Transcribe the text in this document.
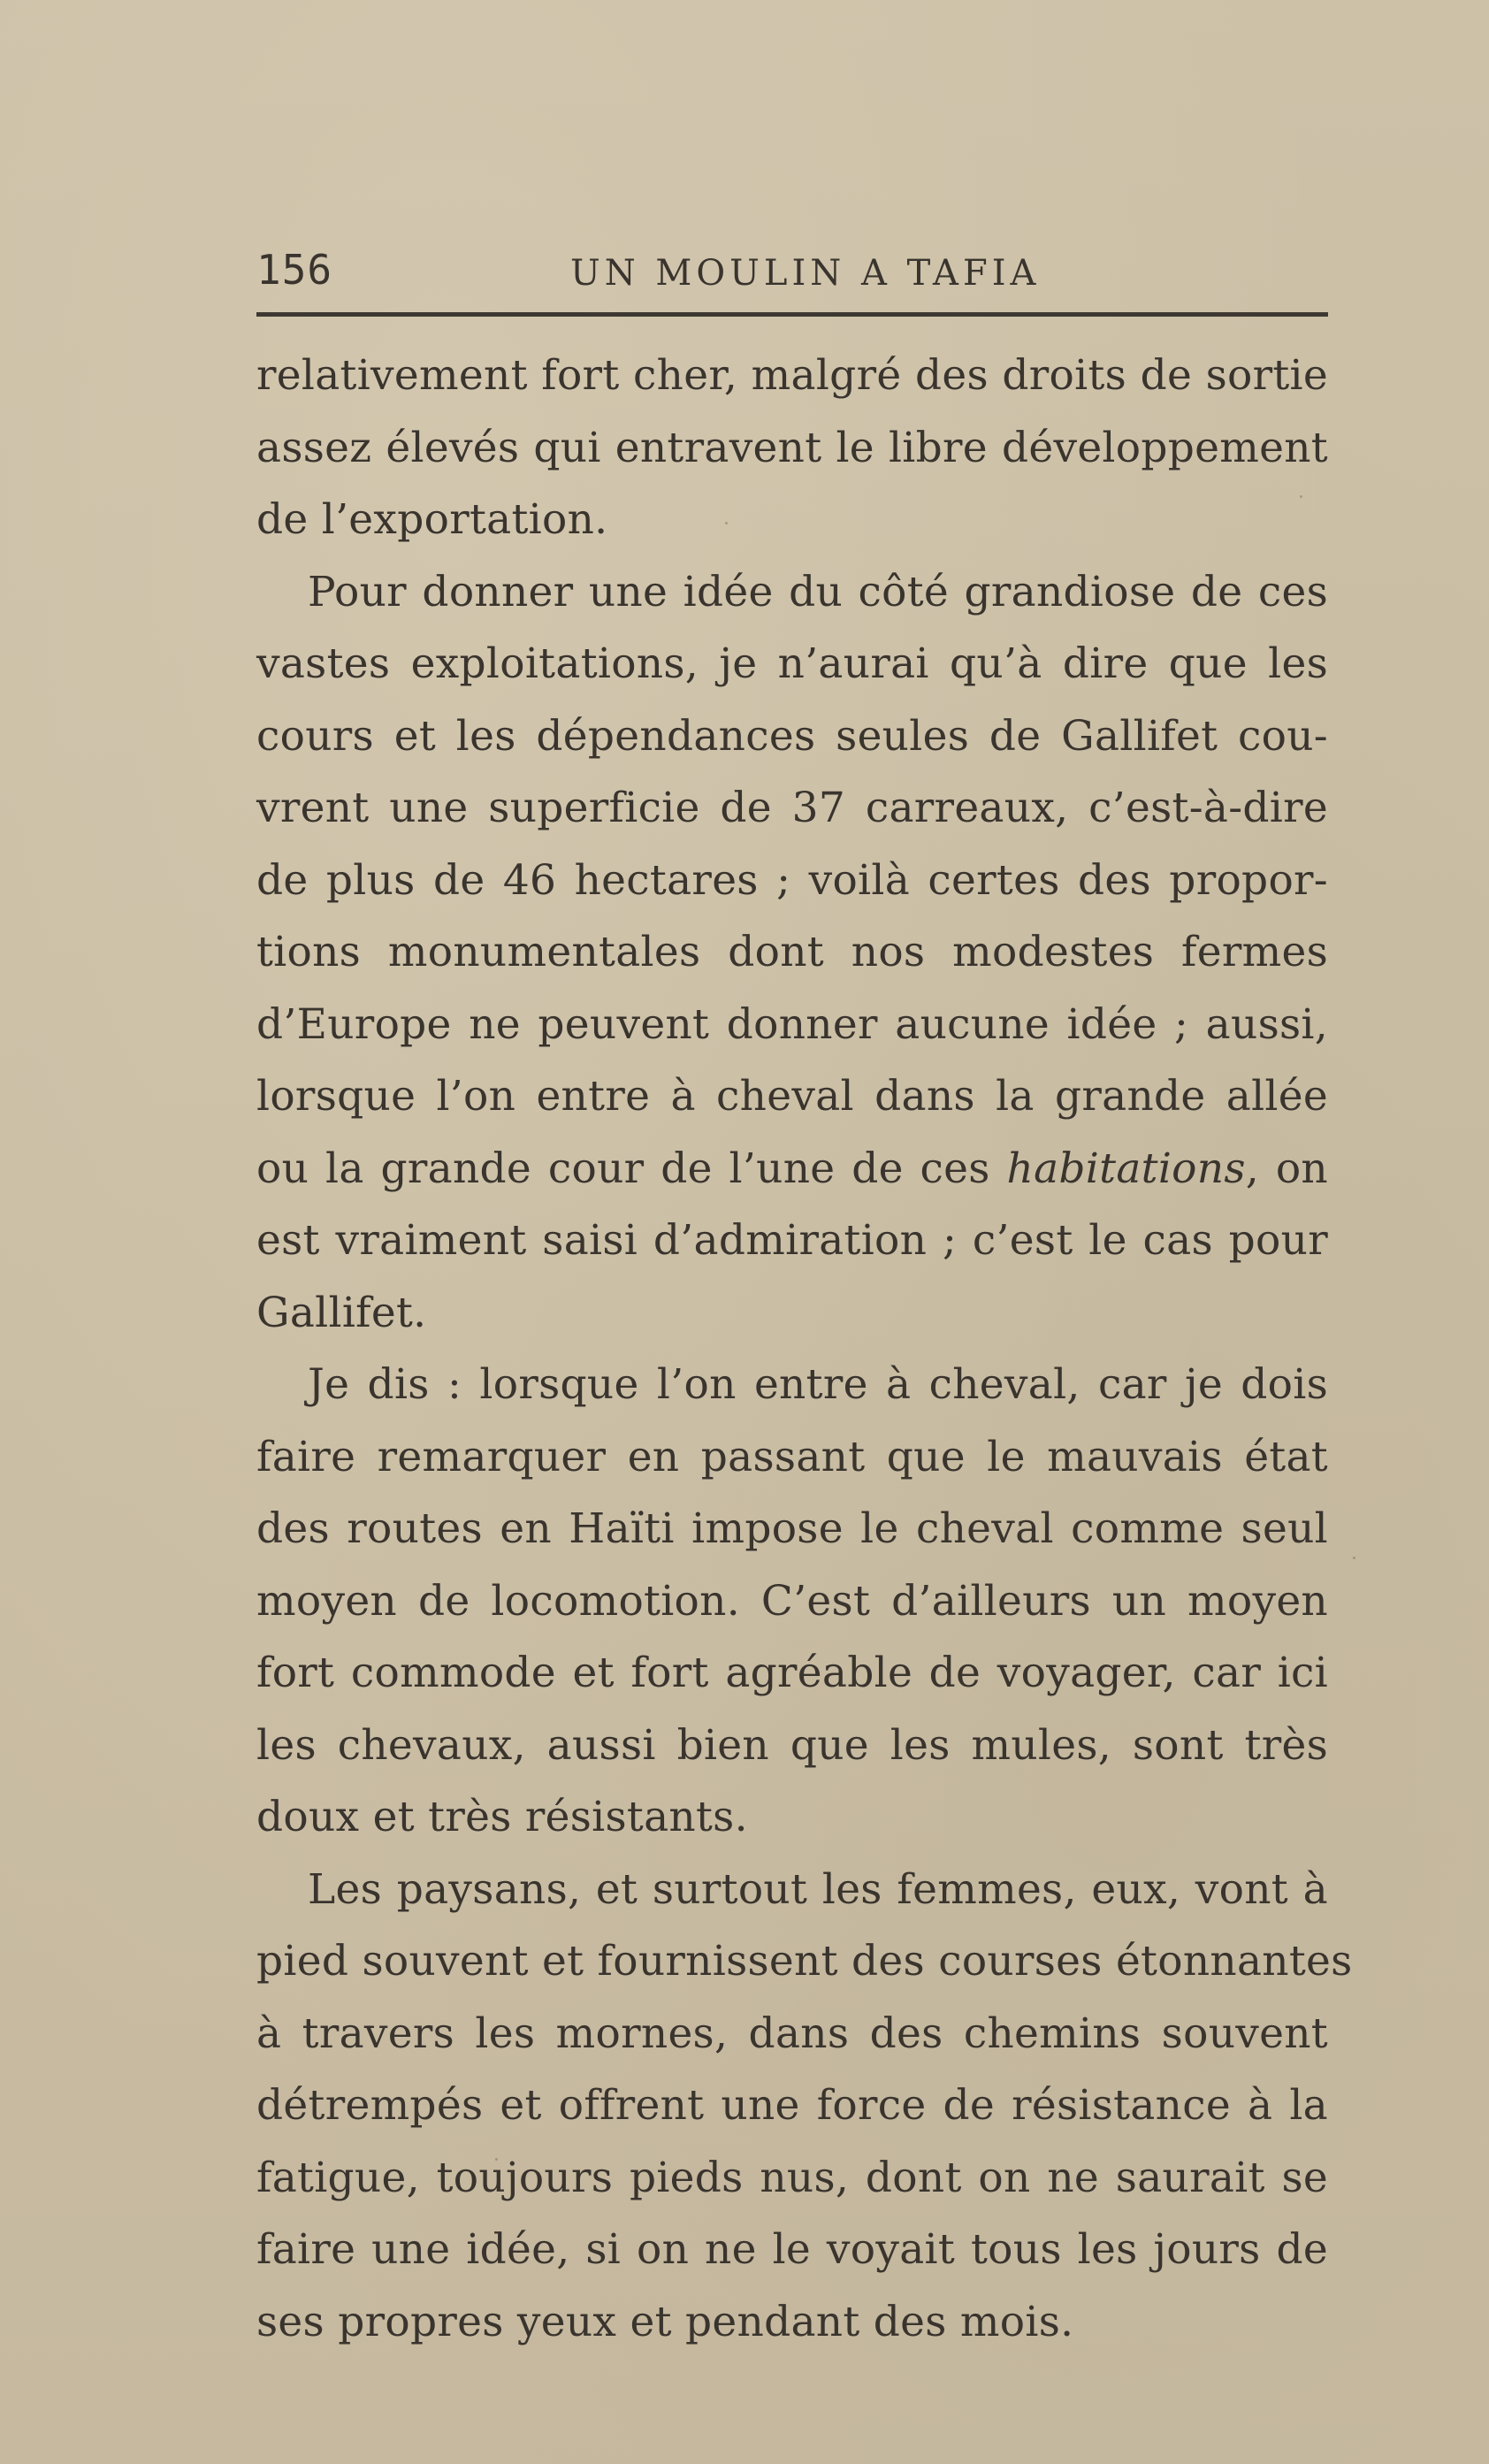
156	UN MOULIN A TAFIA
relativement fort cher, malgré des droits de sortie
assez élevés qui entravent le libre développement
de l’exportation.
Pour donner une idée du côté grandiose de ces
vastes exploitations, je n’aurai qu’à dire que les
cours et les dépendances seules de Gallifet cou-
vrent une superficie de 37 carreaux, c’est-à-dire
de plus de 46 hectares ; voilà certes des propor-
tions monumentales dont nos modestes fermes
d’Europe ne peuvent donner aucune idée ; aussi,
lorsque l’on entre à cheval dans la grande allée
ou la grande cour de l’une de ces habitations, on
est vraiment saisi d’admiration ; c’est le cas pour
Gallifet.
Je dis : lorsque l’on entre à cheval, car je dois
faire remarquer en passant que le mauvais état
des routes en Haïti impose le cheval comme seul
moyen de locomotion. C’est d’ailleurs un moyen
fort commode et fort agréable de voyager, car ici
les chevaux, aussi bien que les mules, sont très
doux et très résistants.
Les paysans, et surtout les femmes, eux, vont à
pied souvent et fournissent des courses étonnantes
à travers les mornes, dans des chemins souvent
détrempés et offrent une force de résistance à la
fatigue, toujours pieds nus, dont on ne saurait se
faire une idée, si on ne le voyait tous les jours de
ses propres yeux et pendant des mois.
